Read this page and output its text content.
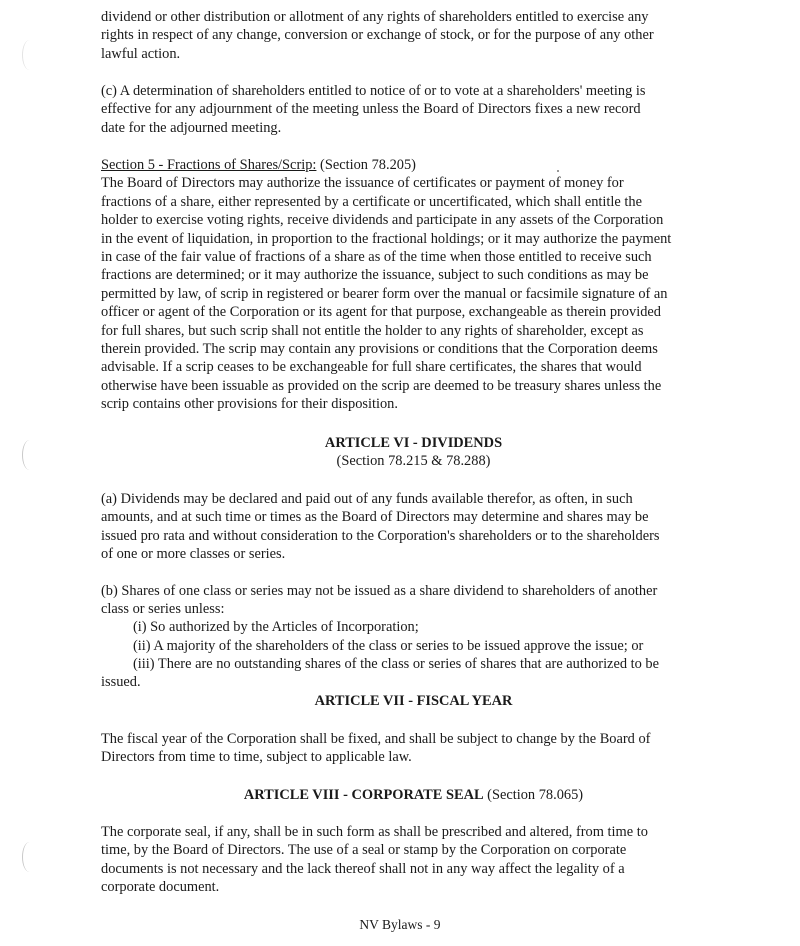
dividend or other distribution or allotment of any rights of shareholders entitled to exercise any
rights in respect of any change, conversion or exchange of stock, or for the purpose of any other
lawful action.

(c) A determination of shareholders entitled to notice of or to vote at a shareholders' meeting is
effective for any adjournment of the meeting unless the Board of Directors fixes a new record
date for the adjourned meeting.

Section 5 - Fractions of Shares/Scrip: (Section 78.205)
The Board of Directors may authorize the issuance of certificates or payment of money for
fractions of a share, either represented by a certificate or uncertificated, which shall entitle the
holder to exercise voting rights, receive dividends and participate in any assets of the Corporation
in the event of liquidation, in proportion to the fractional holdings; or it may authorize the payment
in case of the fair value of fractions of a share as of the time when those entitled to receive such
fractions are determined; or it may authorize the issuance, subject to such conditions as may be
permitted by law, of scrip in registered or bearer form over the manual or facsimile signature of an
officer or agent of the Corporation or its agent for that purpose, exchangeable as therein provided
for full shares, but such scrip shall not entitle the holder to any rights of shareholder, except as
therein provided. The scrip may contain any provisions or conditions that the Corporation deems
advisable. If a scrip ceases to be exchangeable for full share certificates, the shares that would
otherwise have been issuable as provided on the scrip are deemed to be treasury shares unless the
scrip contains other provisions for their disposition.

ARTICLE VI - DIVIDENDS

(Section 78.215 & 78.288)

(a) Dividends may be declared and paid out of any funds available therefor, as often, in such
amounts, and at such time or times as the Board of Directors may determine and shares may be
issued pro rata and without consideration to the Corporation's shareholders or to the shareholders
of one or more classes or series.

(b) Shares of one class or series may not be issued as a share dividend to shareholders of another
class or series unless:

(i) So authorized by the Articles of Incorporation;

(ii) A majority of the shareholders of the class or series to be issued approve the issue; or

(iii) There are no outstanding shares of the class or series of shares that are authorized to be

issued.

ARTICLE VII - FISCAL YEAR

The fiscal year of the Corporation shall be fixed, and shall be subject to change by the Board of
Directors from time to time, subject to applicable law.

ARTICLE VIII - CORPORATE SEAL (Section 78.065)

The corporate seal, if any, shall be in such form as shall be prescribed and altered, from time to
time, by the Board of Directors. The use of a seal or stamp by the Corporation on corporate
documents is not necessary and the lack thereof shall not in any way affect the legality of a
corporate document.

NV Bylaws - 9
